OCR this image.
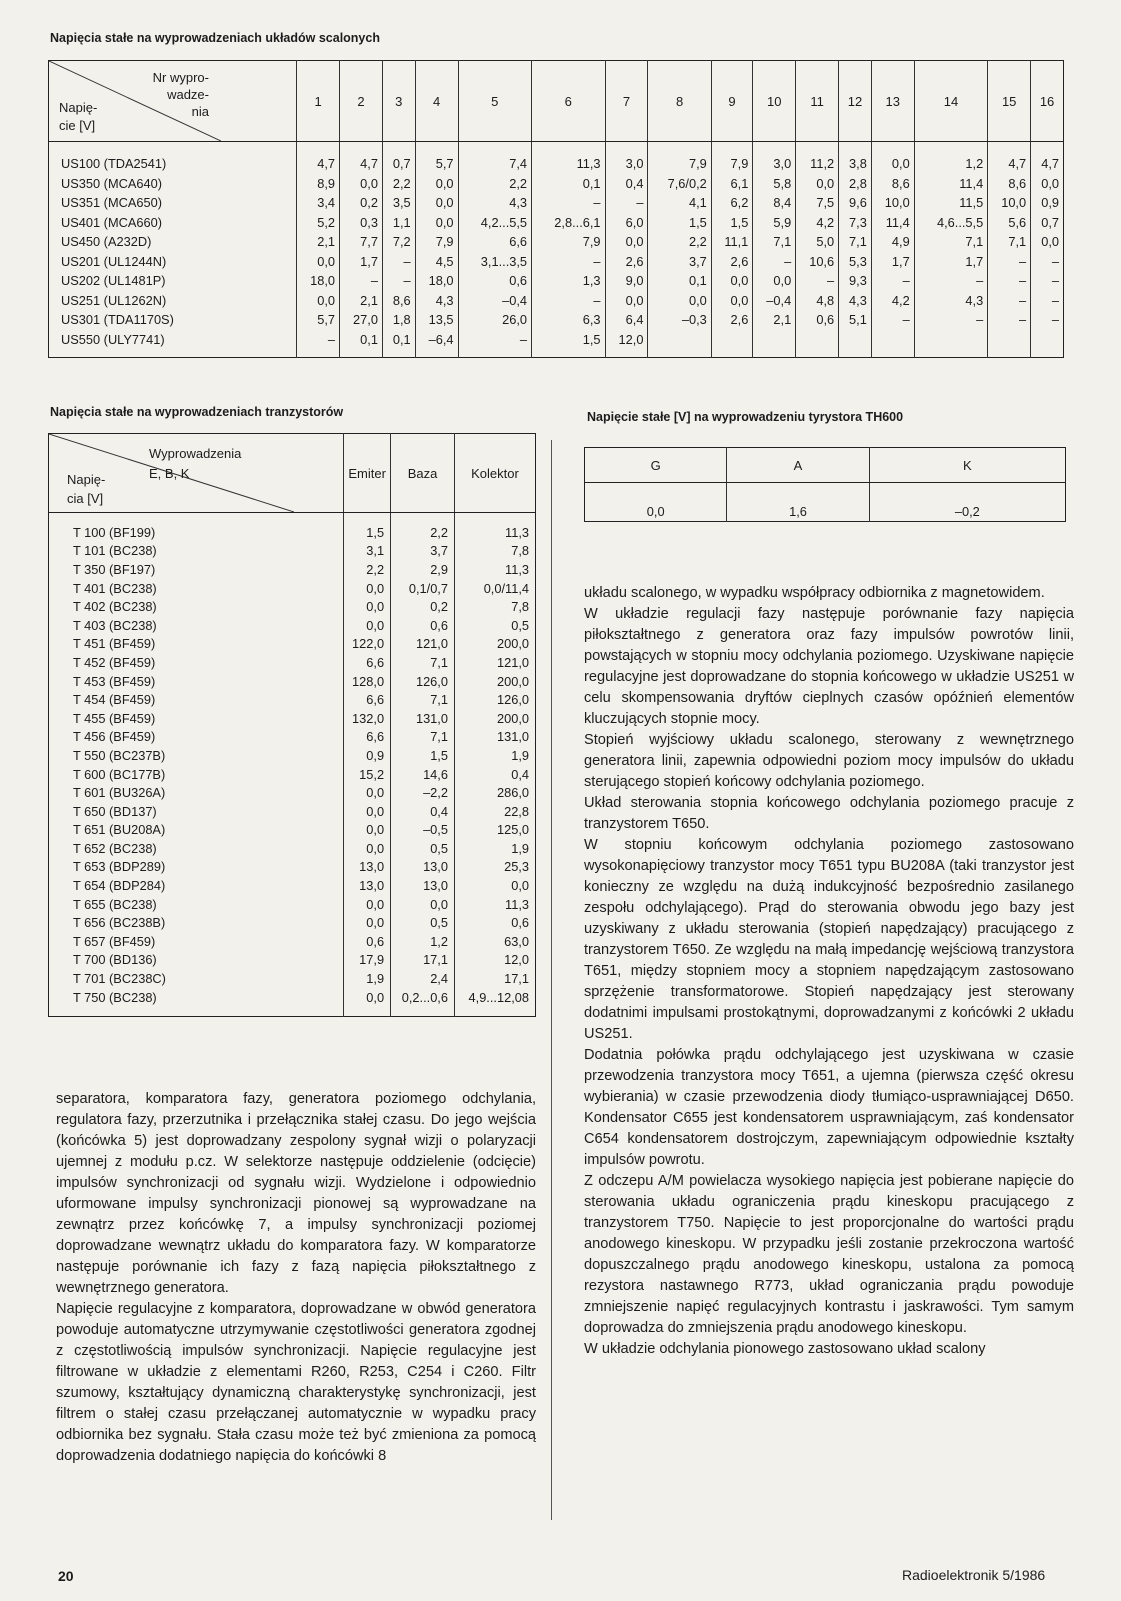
Napięcia stałe na wyprowadzeniach układów scalonych
Nr wypro-
wadze-
nia
Napię-
cie [V]	1	2	3	4	5	6	7	8	9	10	11	12	13	14	15	16
US100 (TDA2541)	4,7	4,7	0,7	5,7	7,4	11,3	3,0	7,9	7,9	3,0	11,2	3,8	0,0	1,2	4,7	4,7
US350 (MCA640)	8,9	0,0	2,2	0,0	2,2	0,1	0,4	7,6/0,2	6,1	5,8	0,0	2,8	8,6	11,4	8,6	0,0
US351 (MCA650)	3,4	0,2	3,5	0,0	4,3	–	–	4,1	6,2	8,4	7,5	9,6	10,0	11,5	10,0	0,9
US401 (MCA660)	5,2	0,3	1,1	0,0	4,2...5,5	2,8...6,1	6,0	1,5	1,5	5,9	4,2	7,3	11,4	4,6...5,5	5,6	0,7
US450 (A232D)	2,1	7,7	7,2	7,9	6,6	7,9	0,0	2,2	11,1	7,1	5,0	7,1	4,9	7,1	7,1	0,0
US201 (UL1244N)	0,0	1,7	–	4,5	3,1...3,5	–	2,6	3,7	2,6	–	10,6	5,3	1,7	1,7	–	–
US202 (UL1481P)	18,0	–	–	18,0	0,6	1,3	9,0	0,1	0,0	0,0	–	9,3	–	–	–	–
US251 (UL1262N)	0,0	2,1	8,6	4,3	–0,4	–	0,0	0,0	0,0	–0,4	4,8	4,3	4,2	4,3	–	–
US301 (TDA1170S)	5,7	27,0	1,8	13,5	26,0	6,3	6,4	–0,3	2,6	2,1	0,6	5,1	–	–	–	–
US550 (ULY7741)	–	0,1	0,1	–6,4	–	1,5	12,0									
Napięcia stałe na wyprowadzeniach tranzystorów
Wyprowadzenia
E, B, K
Napię-
cia [V]	Emiter	Baza	Kolektor
T 100 (BF199)	1,5	2,2	11,3
T 101 (BC238)	3,1	3,7	7,8
T 350 (BF197)	2,2	2,9	11,3
T 401 (BC238)	0,0	0,1/0,7	0,0/11,4
T 402 (BC238)	0,0	0,2	7,8
T 403 (BC238)	0,0	0,6	0,5
T 451 (BF459)	122,0	121,0	200,0
T 452 (BF459)	6,6	7,1	121,0
T 453 (BF459)	128,0	126,0	200,0
T 454 (BF459)	6,6	7,1	126,0
T 455 (BF459)	132,0	131,0	200,0
T 456 (BF459)	6,6	7,1	131,0
T 550 (BC237B)	0,9	1,5	1,9
T 600 (BC177B)	15,2	14,6	0,4
T 601 (BU326A)	0,0	–2,2	286,0
T 650 (BD137)	0,0	0,4	22,8
T 651 (BU208A)	0,0	–0,5	125,0
T 652 (BC238)	0,0	0,5	1,9
T 653 (BDP289)	13,0	13,0	25,3
T 654 (BDP284)	13,0	13,0	0,0
T 655 (BC238)	0,0	0,0	11,3
T 656 (BC238B)	0,0	0,5	0,6
T 657 (BF459)	0,6	1,2	63,0
T 700 (BD136)	17,9	17,1	12,0
T 701 (BC238C)	1,9	2,4	17,1
T 750 (BC238)	0,0	0,2...0,6	4,9...12,08
Napięcie stałe [V] na wyprowadzeniu tyrystora TH600
G	A	K
0,0	1,6	–0,2

separatora, komparatora fazy, generatora poziomego odchylania, regulatora fazy, przerzutnika i przełącznika stałej czasu. Do jego wejścia (końcówka 5) jest doprowadzany zespolony sygnał wizji o polaryzacji ujemnej z modułu p.cz. W selektorze następuje oddzielenie (odcięcie) impulsów synchronizacji od sygnału wizji. Wydzielone i odpowiednio uformowane impulsy synchronizacji pionowej są wyprowadzane na zewnątrz przez końcówkę 7, a impulsy synchronizacji poziomej doprowadzane wewnątrz układu do komparatora fazy. W komparatorze następuje porównanie ich fazy z fazą napięcia piłokształtnego z wewnętrznego generatora.

Napięcie regulacyjne z komparatora, doprowadzane w obwód generatora powoduje automatyczne utrzymywanie częstotliwości generatora zgodnej z częstotliwością impulsów synchronizacji. Napięcie regulacyjne jest filtrowane w układzie z elementami R260, R253, C254 i C260. Filtr szumowy, kształtujący dynamiczną charakterystykę synchronizacji, jest filtrem o stałej czasu przełączanej automatycznie w wypadku pracy odbiornika bez sygnału. Stała czasu może też być zmieniona za pomocą doprowadzenia dodatniego napięcia do końcówki 8

układu scalonego, w wypadku współpracy odbiornika z magnetowidem.

W układzie regulacji fazy następuje porównanie fazy napięcia piłokształtnego z generatora oraz fazy impulsów powrotów linii, powstających w stopniu mocy odchylania poziomego. Uzyskiwane napięcie regulacyjne jest doprowadzane do stopnia końcowego w układzie US251 w celu skompensowania dryftów cieplnych czasów opóźnień elementów kluczujących stopnie mocy.

Stopień wyjściowy układu scalonego, sterowany z wewnętrznego generatora linii, zapewnia odpowiedni poziom mocy impulsów do układu sterującego stopień końcowy odchylania poziomego.

Układ sterowania stopnia końcowego odchylania poziomego pracuje z tranzystorem T650.

W stopniu końcowym odchylania poziomego zastosowano wysokonapięciowy tranzystor mocy T651 typu BU208A (taki tranzystor jest konieczny ze względu na dużą indukcyjność bezpośrednio zasilanego zespołu odchylającego). Prąd do sterowania obwodu jego bazy jest uzyskiwany z układu sterowania (stopień napędzający) pracującego z tranzystorem T650. Ze względu na małą impedancję wejściową tranzystora T651, między stopniem mocy a stopniem napędzającym zastosowano sprzężenie transformatorowe. Stopień napędzający jest sterowany dodatnimi impulsami prostokątnymi, doprowadzanymi z końcówki 2 układu US251.

Dodatnia połówka prądu odchylającego jest uzyskiwana w czasie przewodzenia tranzystora mocy T651, a ujemna (pierwsza część okresu wybierania) w czasie przewodzenia diody tłumiąco-usprawniającej D650. Kondensator C655 jest kondensatorem usprawniającym, zaś kondensator C654 kondensatorem dostrojczym, zapewniającym odpowiednie kształty impulsów powrotu.

Z odczepu A/M powielacza wysokiego napięcia jest pobierane napięcie do sterowania układu ograniczenia prądu kineskopu pracującego z tranzystorem T750. Napięcie to jest proporcjonalne do wartości prądu anodowego kineskopu. W przypadku jeśli zostanie przekroczona wartość dopuszczalnego prądu anodowego kineskopu, ustalona za pomocą rezystora nastawnego R773, układ ograniczania prądu powoduje zmniejszenie napięć regulacyjnych kontrastu i jaskrawości. Tym samym doprowadza do zmniejszenia prądu anodowego kineskopu.

W układzie odchylania pionowego zastosowano układ scalony

20	Radioelektronik 5/1986
